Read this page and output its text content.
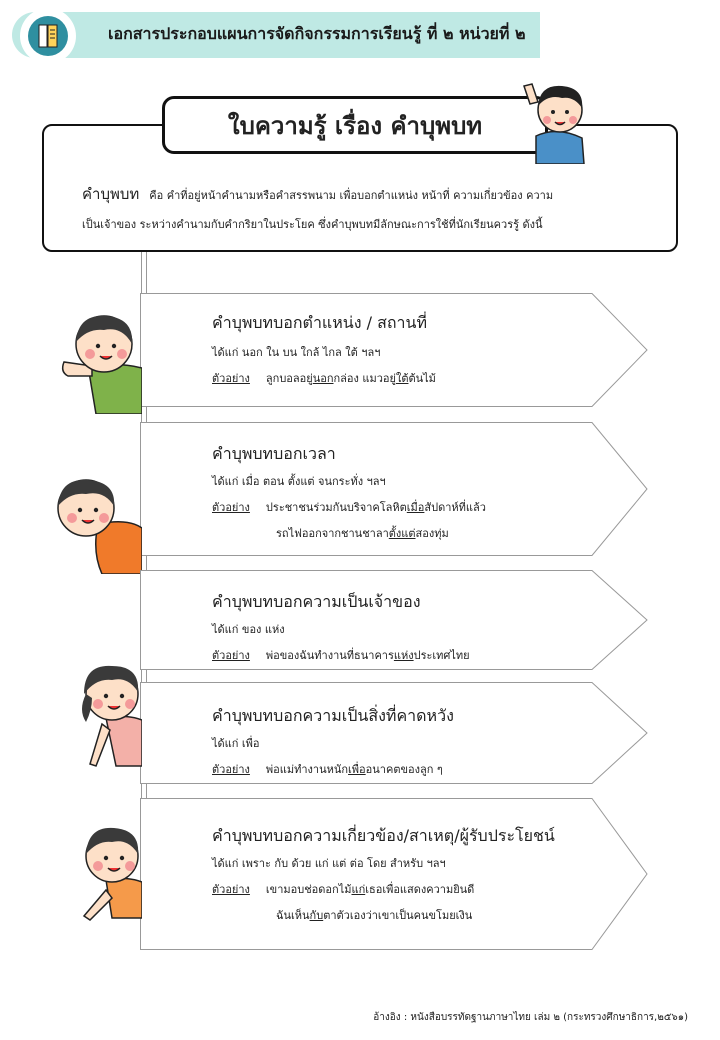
เอกสารประกอบแผนการจัดกิจกรรมการเรียนรู้ ที่ ๒ หน่วยที่ ๒
ใบความรู้ เรื่อง คำบุพบท
คำบุพบท คือ คำที่อยู่หน้าคำนามหรือคำสรรพนาม เพื่อบอกตำแหน่ง หน้าที่ ความเกี่ยวข้อง ความ
เป็นเจ้าของ ระหว่างคำนามกับคำกริยาในประโยค ซึ่งคำบุพบทมีลักษณะการใช้ที่นักเรียนควรรู้ ดังนี้
คำบุพบทบอกตำแหน่ง / สถานที่
ได้แก่ นอก ใน บน ใกล้ ไกล ใต้ ฯลฯ
ตัวอย่าง ลูกบอลอยู่นอกกล่อง แมวอยู่ใต้ต้นไม้
คำบุพบทบอกเวลา
ได้แก่ เมื่อ ตอน ตั้งแต่ จนกระทั่ง ฯลฯ
ตัวอย่าง ประชาชนร่วมกันบริจาคโลหิตเมื่อสัปดาห์ที่แล้ว
รถไฟออกจากชานชาลาตั้งแต่สองทุ่ม
คำบุพบทบอกความเป็นเจ้าของ
ได้แก่ ของ แห่ง
ตัวอย่าง พ่อของฉันทำงานที่ธนาคารแห่งประเทศไทย
คำบุพบทบอกความเป็นสิ่งที่คาดหวัง
ได้แก่ เพื่อ
ตัวอย่าง พ่อแม่ทำงานหนักเพื่ออนาคตของลูก ๆ
คำบุพบทบอกความเกี่ยวข้อง/สาเหตุ/ผู้รับประโยชน์
ได้แก่ เพราะ กับ ด้วย แก่ แต่ ต่อ โดย สำหรับ ฯลฯ
ตัวอย่าง เขามอบช่อดอกไม้แก่เธอเพื่อแสดงความยินดี
ฉันเห็นกับตาตัวเองว่าเขาเป็นคนขโมยเงิน
อ้างอิง : หนังสือบรรทัดฐานภาษาไทย เล่ม ๒ (กระทรวงศึกษาธิการ,๒๕๖๑)
